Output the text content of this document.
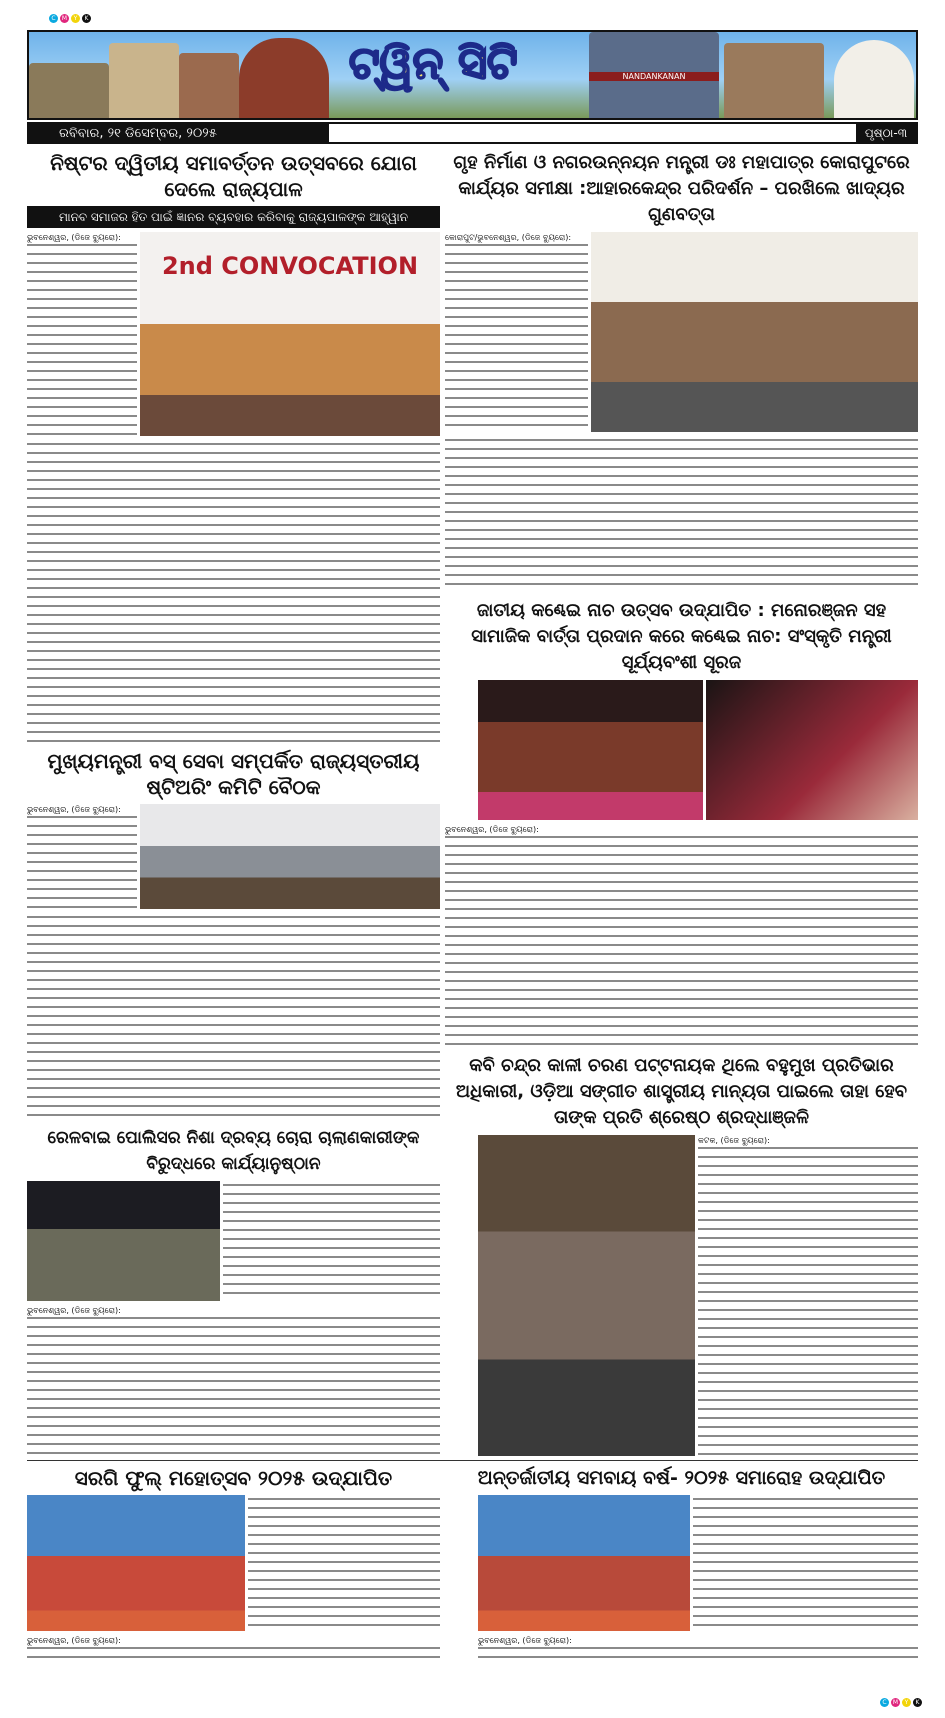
C	M	Y	K
ଟ୍ୱିନ୍ ସିଟି	NANDANKANAN
ରବିବାର, ୨୧ ଡିସେମ୍ବର, ୨୦୨୫	ପୃଷ୍ଠା-୩
ନିଷ୍ଟର ଦ୍ୱିତୀୟ ସମାବର୍ତ୍ତନ ଉତ୍ସବରେ ଯୋଗ ଦେଲେ ରାଜ୍ୟପାଳ
ମାନବ ସମାଜର ହିତ ପାଇଁ ଜ୍ଞାନର ବ୍ୟବହାର କରିବାକୁ ରାଜ୍ୟପାଳଙ୍କ ଆହ୍ୱାନ
ଭୁବନେଶ୍ୱର, (ଡିଜେ ବ୍ୟୁରୋ):
2nd CONVOCATION
ଗୃହ ନିର୍ମାଣ ଓ ନଗରଉନ୍ନୟନ ମନ୍ତ୍ରୀ ଡଃ ମହାପାତ୍ର କୋରାପୁଟରେ କାର୍ଯ୍ୟର ସମୀକ୍ଷା :ଆହାରକେନ୍ଦ୍ର ପରିଦର୍ଶନ – ପରଖିଲେ ଖାଦ୍ୟର ଗୁଣବତ୍ତା
କୋରାପୁଟ/ଭୁବନେଶ୍ୱର, (ଡିଜେ ବ୍ୟୁରୋ):
ଜାତୀୟ କଣ୍ଢେଇ ନାଚ ଉତ୍ସବ ଉଦ୍ଯାପିତ : ମନୋରଞ୍ଜନ ସହ ସାମାଜିକ ବାର୍ତ୍ତା ପ୍ରଦାନ କରେ କଣ୍ଢେଇ ନାଚ: ସଂସ୍କୃତି ମନ୍ତ୍ରୀ ସୂର୍ଯ୍ୟବଂଶୀ ସୂରଜ
ଭୁବନେଶ୍ୱର, (ଡିଜେ ବ୍ୟୁରୋ):
ମୁଖ୍ୟମନ୍ତ୍ରୀ ବସ୍ ସେବା ସମ୍ପର୍କିତ ରାଜ୍ୟସ୍ତରୀୟ ଷ୍ଟିଅରିଂ କମିଟି ବୈଠକ
ଭୁବନେଶ୍ୱର, (ଡିଜେ ବ୍ୟୁରୋ):
କବି ଚନ୍ଦ୍ର କାଳୀ ଚରଣ ପଟ୍ଟନାୟକ ଥିଲେ ବହୁମୁଖ ପ୍ରତିଭାର ଅଧିକାରୀ, ଓଡ଼ିଆ ସଙ୍ଗୀତ ଶାସ୍ତ୍ରୀୟ ମାନ୍ୟତା ପାଇଲେ ତାହା ହେବ ତାଙ୍କ ପ୍ରତି ଶ୍ରେଷ୍ଠ ଶ୍ରଦ୍ଧାଞ୍ଜଳି
କଟକ, (ଡିଜେ ବ୍ୟୁରୋ):
ରେଳବାଇ ପୋଲିସର ନିଶା ଦ୍ରବ୍ୟ ଚୋରା ଚାଲାଣକାରୀଙ୍କ ବିରୁଦ୍ଧରେ କାର୍ଯ୍ୟାନୁଷ୍ଠାନ
ଭୁବନେଶ୍ୱର, (ଡିଜେ ବ୍ୟୁରୋ):
ସରଗି ଫୁଲ୍ ମହୋତ୍ସବ ୨୦୨୫ ଉଦ୍ଯାପିତ
ଭୁବନେଶ୍ୱର, (ଡିଜେ ବ୍ୟୁରୋ):
ଅନ୍ତର୍ଜାତୀୟ ସମବାୟ ବର୍ଷ- ୨୦୨୫ ସମାରୋହ ଉଦ୍ଯାପିତ
ଭୁବନେଶ୍ୱର, (ଡିଜେ ବ୍ୟୁରୋ):
C	M	Y	K
